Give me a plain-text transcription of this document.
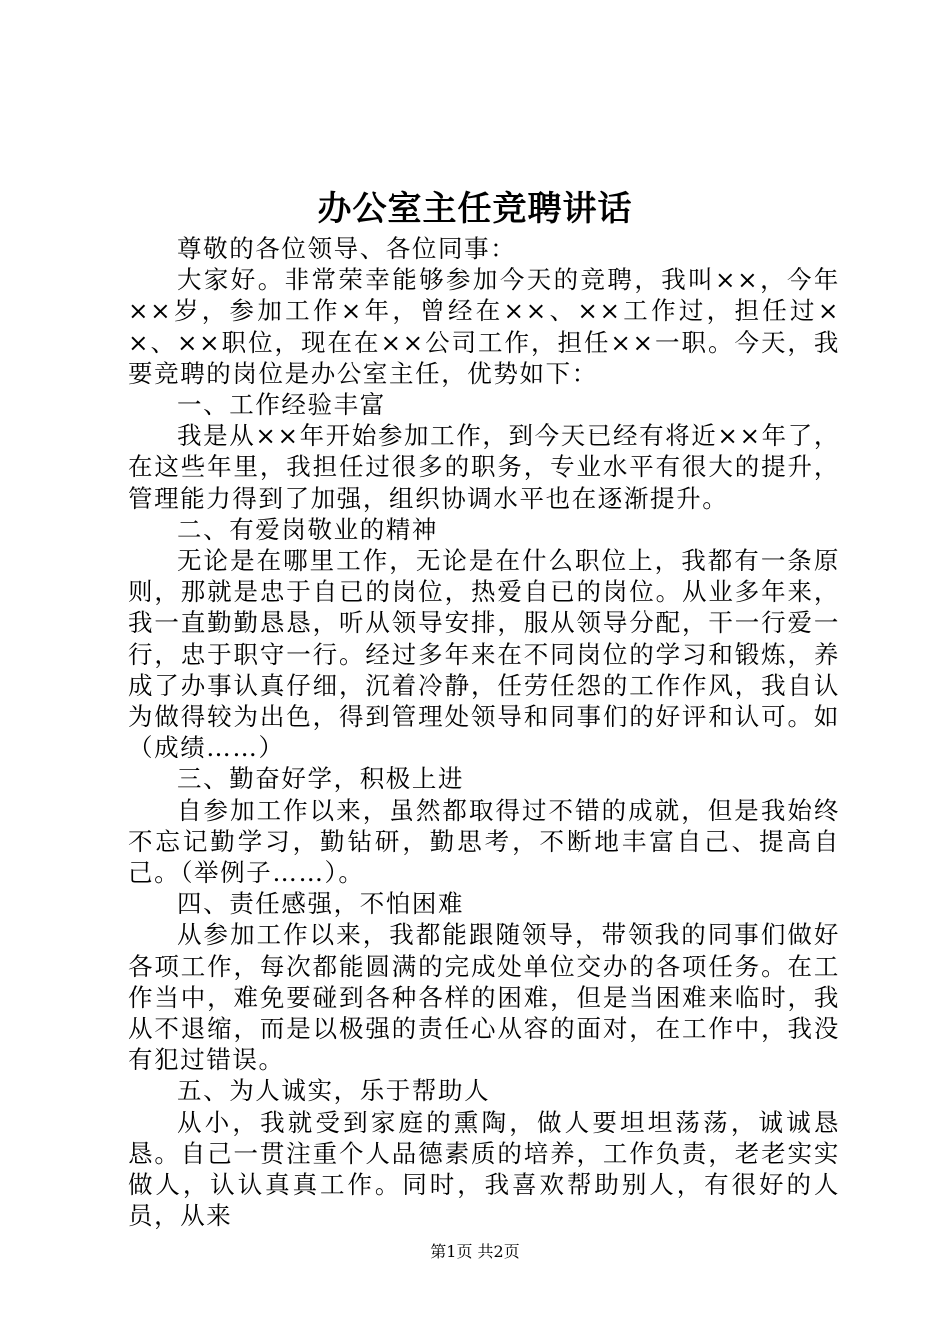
办公室主任竞聘讲话

尊敬的各位领导、各位同事：

大家好。非常荣幸能够参加今天的竞聘，我叫××，今年××岁，参加工作×年，曾经在××、××工作过，担任过××、××职位，现在在××公司工作，担任××一职。今天，我要竞聘的岗位是办公室主任，优势如下：

一、工作经验丰富

我是从××年开始参加工作，到今天已经有将近××年了，在这些年里，我担任过很多的职务，专业水平有很大的提升，管理能力得到了加强，组织协调水平也在逐渐提升。

二、有爱岗敬业的精神

无论是在哪里工作，无论是在什么职位上，我都有一条原则，那就是忠于自已的岗位，热爱自已的岗位。从业多年来，我一直勤勤恳恳，听从领导安排，服从领导分配，干一行爱一行，忠于职守一行。经过多年来在不同岗位的学习和锻炼，养成了办事认真仔细，沉着冷静，任劳任怨的工作作风，我自认为做得较为出色，得到管理处领导和同事们的好评和认可。如（成绩……）

三、勤奋好学，积极上进

自参加工作以来，虽然都取得过不错的成就，但是我始终不忘记勤学习，勤钻研，勤思考，不断地丰富自己、提高自己。（举例子……）。

四、责任感强，不怕困难

从参加工作以来，我都能跟随领导，带领我的同事们做好各项工作，每次都能圆满的完成处单位交办的各项任务。在工作当中，难免要碰到各种各样的困难，但是当困难来临时，我从不退缩，而是以极强的责任心从容的面对，在工作中，我没有犯过错误。

五、为人诚实，乐于帮助人

从小，我就受到家庭的熏陶，做人要坦坦荡荡，诚诚恳恳。自己一贯注重个人品德素质的培养，工作负责，老老实实做人，认认真真工作。同时，我喜欢帮助别人，有很好的人员，从来

第1页 共2页
